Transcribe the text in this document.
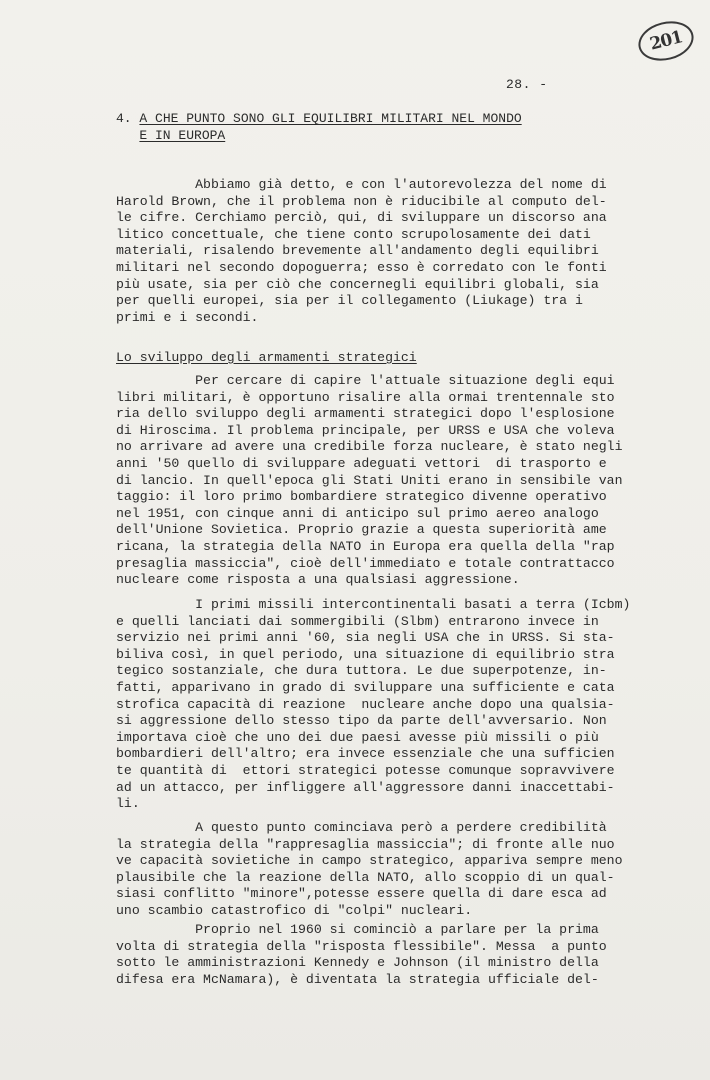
201
28. -
4. A CHE PUNTO SONO GLI EQUILIBRI MILITARI NEL MONDO
E IN EUROPA
Abbiamo già detto, e con l'autorevolezza del nome di
Harold Brown, che il problema non è riducibile al computo del-
le cifre. Cerchiamo perciò, qui, di sviluppare un discorso ana
litico concettuale, che tiene conto scrupolosamente dei dati
materiali, risalendo brevemente all'andamento degli equilibri
militari nel secondo dopoguerra; esso è corredato con le fonti
più usate, sia per ciò che concernegli equilibri globali, sia
per quelli europei, sia per il collegamento (Liukage) tra i
primi e i secondi.
Lo sviluppo degli armamenti strategici
Per cercare di capire l'attuale situazione degli equi
libri militari, è opportuno risalire alla ormai trentennale sto
ria dello sviluppo degli armamenti strategici dopo l'esplosione
di Hiroscima. Il problema principale, per URSS e USA che voleva
no arrivare ad avere una credibile forza nucleare, è stato negli
anni '50 quello di sviluppare adeguati vettori  di trasporto e
di lancio. In quell'epoca gli Stati Uniti erano in sensibile van
taggio: il loro primo bombardiere strategico divenne operativo
nel 1951, con cinque anni di anticipo sul primo aereo analogo
dell'Unione Sovietica. Proprio grazie a questa superiorità ame
ricana, la strategia della NATO in Europa era quella della "rap
presaglia massiccia", cioè dell'immediato e totale contrattacco
nucleare come risposta a una qualsiasi aggressione.
I primi missili intercontinentali basati a terra (Icbm)
e quelli lanciati dai sommergibili (Slbm) entrarono invece in
servizio nei primi anni '60, sia negli USA che in URSS. Si sta-
biliva così, in quel periodo, una situazione di equilibrio stra
tegico sostanziale, che dura tuttora. Le due superpotenze, in-
fatti, apparivano in grado di sviluppare una sufficiente e cata
strofica capacità di reazione  nucleare anche dopo una qualsia-
si aggressione dello stesso tipo da parte dell'avversario. Non
importava cioè che uno dei due paesi avesse più missili o più
bombardieri dell'altro; era invece essenziale che una sufficien
te quantità di  ettori strategici potesse comunque sopravvivere
ad un attacco, per infliggere all'aggressore danni inaccettabi-
li.
A questo punto cominciava però a perdere credibilità
la strategia della "rappresaglia massiccia"; di fronte alle nuo
ve capacità sovietiche in campo strategico, appariva sempre meno
plausibile che la reazione della NATO, allo scoppio di un qual-
siasi conflitto "minore",potesse essere quella di dare esca ad
uno scambio catastrofico di "colpi" nucleari.
Proprio nel 1960 si cominciò a parlare per la prima
volta di strategia della "risposta flessibile". Messa  a punto
sotto le amministrazioni Kennedy e Johnson (il ministro della
difesa era McNamara), è diventata la strategia ufficiale del-
